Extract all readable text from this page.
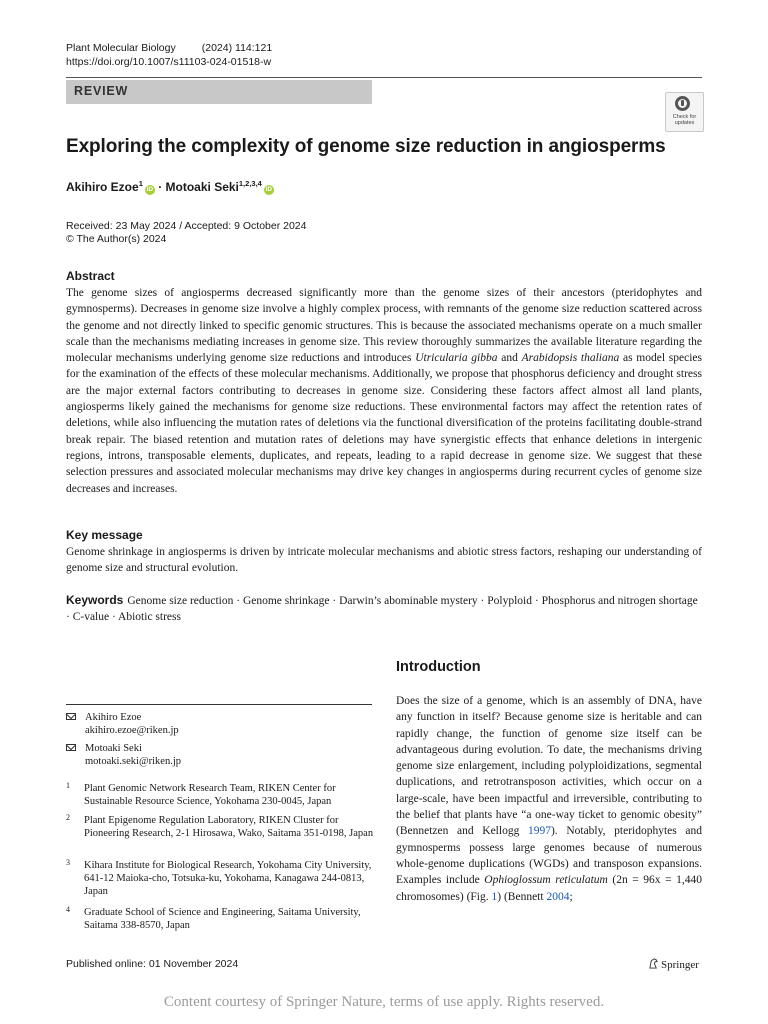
Plant Molecular Biology (2024) 114:121
https://doi.org/10.1007/s11103-024-01518-w
REVIEW
Check for
updates
Exploring the complexity of genome size reduction in angiosperms
Akihiro Ezoe$^1$iD · Motoaki Seki$^{1,2,3,4}$iD
Received: 23 May 2024 / Accepted: 9 October 2024
© The Author(s) 2024
Abstract
The genome sizes of angiosperms decreased significantly more than the genome sizes of their ancestors (pteridophytes and gymnosperms). Decreases in genome size involve a highly complex process, with remnants of the genome size reduction scattered across the genome and not directly linked to specific genomic structures. This is because the associated mechanisms operate on a much smaller scale than the mechanisms mediating increases in genome size. This review thoroughly summarizes the available literature regarding the molecular mechanisms underlying genome size reductions and introduces Utricularia gibba and Arabidopsis thaliana as model species for the examination of the effects of these molecular mechanisms. Additionally, we propose that phosphorus deficiency and drought stress are the major external factors contributing to decreases in genome size. Considering these factors affect almost all land plants, angiosperms likely gained the mechanisms for genome size reductions. These environmental factors may affect the retention rates of deletions, while also influencing the mutation rates of deletions via the functional diversification of the proteins facilitating double-strand break repair. The biased retention and mutation rates of deletions may have synergistic effects that enhance deletions in intergenic regions, introns, transposable elements, duplicates, and repeats, leading to a rapid decrease in genome size. We suggest that these selection pressures and associated molecular mechanisms may drive key changes in angiosperms during recurrent cycles of genome size decreases and increases.
Key message
Genome shrinkage in angiosperms is driven by intricate molecular mechanisms and abiotic stress factors, reshaping our understanding of genome size and structural evolution.
Keywords Genome size reduction · Genome shrinkage · Darwin’s abominable mystery · Polyploid · Phosphorus and nitrogen shortage · C-value · Abiotic stress
Introduction
Does the size of a genome, which is an assembly of DNA, have any function in itself? Because genome size is heritable and can rapidly change, the function of genome size itself can be advantageous during evolution. To date, the mechanisms driving genome size enlargement, including polyploidizations, segmental duplications, and retrotransposon activities, which occur on a large-scale, have been impactful and irreversible, contributing to the belief that plants have “a one-way ticket to genomic obesity” (Bennetzen and Kellogg 1997). Notably, pteridophytes and gymnosperms possess large genomes because of numerous whole-genome duplications (WGDs) and transposon expansions. Examples include Ophioglossum reticulatum (2n = 96x = 1,440 chromosomes) (Fig. 1) (Bennett 2004;
Akihiro Ezoe
akihiro.ezoe@riken.jp
Motoaki Seki
motoaki.seki@riken.jp
1 Plant Genomic Network Research Team, RIKEN Center for Sustainable Resource Science, Yokohama 230-0045, Japan
2 Plant Epigenome Regulation Laboratory, RIKEN Cluster for Pioneering Research, 2-1 Hirosawa, Wako, Saitama 351-0198, Japan
3 Kihara Institute for Biological Research, Yokohama City University, 641-12 Maioka-cho, Totsuka-ku, Yokohama, Kanagawa 244-0813, Japan
4 Graduate School of Science and Engineering, Saitama University, Saitama 338-8570, Japan
Published online: 01 November 2024	Springer
Content courtesy of Springer Nature, terms of use apply. Rights reserved.
